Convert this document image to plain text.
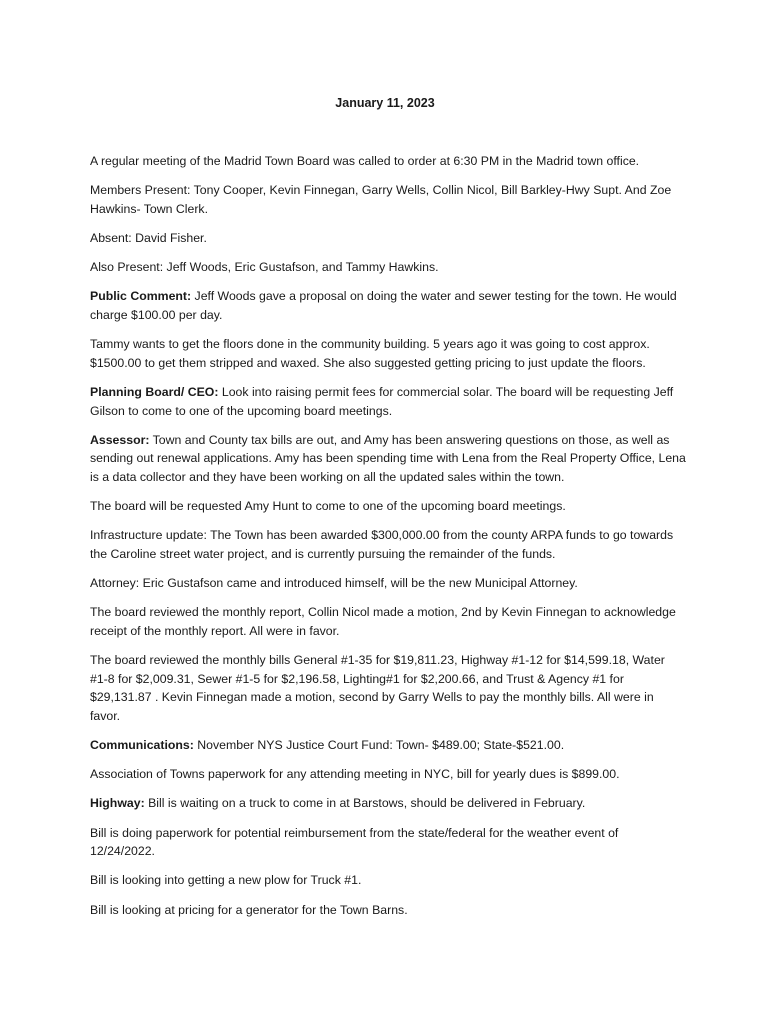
January 11, 2023

A regular meeting of the Madrid Town Board was called to order at 6:30 PM in the Madrid town office.

Members Present: Tony Cooper, Kevin Finnegan, Garry Wells, Collin Nicol, Bill Barkley-Hwy Supt. And Zoe Hawkins- Town Clerk.

Absent: David Fisher.

Also Present: Jeff Woods, Eric Gustafson, and Tammy Hawkins.

Public Comment: Jeff Woods gave a proposal on doing the water and sewer testing for the town. He would charge $100.00 per day.

Tammy wants to get the floors done in the community building. 5 years ago it was going to cost approx. $1500.00 to get them stripped and waxed. She also suggested getting pricing to just update the floors.

Planning Board/ CEO: Look into raising permit fees for commercial solar. The board will be requesting Jeff Gilson to come to one of the upcoming board meetings.

Assessor: Town and County tax bills are out, and Amy has been answering questions on those, as well as sending out renewal applications. Amy has been spending time with Lena from the Real Property Office, Lena is a data collector and they have been working on all the updated sales within the town.

The board will be requested Amy Hunt to come to one of the upcoming board meetings.

Infrastructure update: The Town has been awarded $300,000.00 from the county ARPA funds to go towards the Caroline street water project, and is currently pursuing the remainder of the funds.

Attorney: Eric Gustafson came and introduced himself, will be the new Municipal Attorney.

The board reviewed the monthly report, Collin Nicol made a motion, 2nd by Kevin Finnegan to acknowledge receipt of the monthly report. All were in favor.

The board reviewed the monthly bills General #1-35 for $19,811.23, Highway #1-12 for $14,599.18, Water #1-8 for $2,009.31, Sewer #1-5 for $2,196.58, Lighting#1 for $2,200.66, and Trust & Agency #1 for $29,131.87 . Kevin Finnegan made a motion, second by Garry Wells to pay the monthly bills. All were in favor.

Communications: November NYS Justice Court Fund: Town- $489.00; State-$521.00.

Association of Towns paperwork for any attending meeting in NYC, bill for yearly dues is $899.00.

Highway: Bill is waiting on a truck to come in at Barstows, should be delivered in February.

Bill is doing paperwork for potential reimbursement from the state/federal for the weather event of 12/24/2022.

Bill is looking into getting a new plow for Truck #1.

Bill is looking at pricing for a generator for the Town Barns.
